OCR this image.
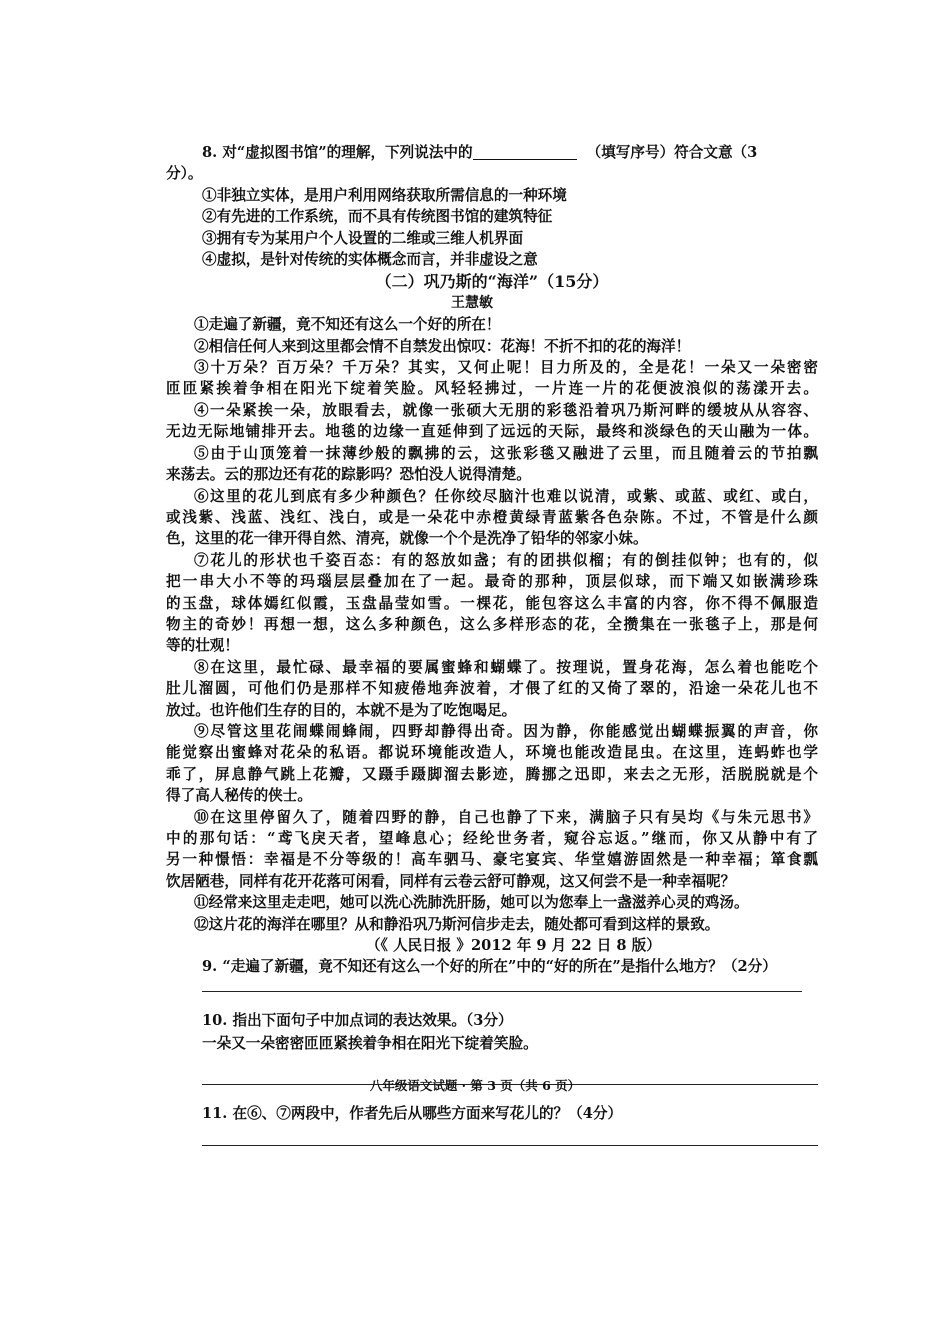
8. 对“虚拟图书馆”的理解，下列说法中的	（填写序号）符合文意（3
分）。
①非独立实体，是用户利用网络获取所需信息的一种环境
②有先进的工作系统，而不具有传统图书馆的建筑特征
③拥有专为某用户个人设置的二维或三维人机界面
④虚拟，是针对传统的实体概念而言，并非虚设之意
（二）巩乃斯的“海洋”（15分）
王慧敏
①走遍了新疆，竟不知还有这么一个好的所在！
②相信任何人来到这里都会情不自禁发出惊叹：花海！不折不扣的花的海洋！
③十万朵？百万朵？千万朵？其实，又何止呢！目力所及的，全是花！一朵又一朵密密
匝匝紧挨着争相在阳光下绽着笑脸。风轻轻拂过，一片连一片的花便波浪似的荡漾开去。
④一朵紧挨一朵，放眼看去，就像一张硕大无朋的彩毯沿着巩乃斯河畔的缓坡从从容容、
无边无际地铺排开去。地毯的边缘一直延伸到了远远的天际，最终和淡绿色的天山融为一体。
⑤由于山顶笼着一抹薄纱般的飘拂的云，这张彩毯又融进了云里，而且随着云的节拍飘
来荡去。云的那边还有花的踪影吗？恐怕没人说得清楚。
⑥这里的花儿到底有多少种颜色？任你绞尽脑汁也难以说清，或紫、或蓝、或红、或白，
或浅紫、浅蓝、浅红、浅白，或是一朵花中赤橙黄绿青蓝紫各色杂陈。不过，不管是什么颜
色，这里的花一律开得自然、清亮，就像一个个是洗净了铅华的邻家小妹。
⑦花儿的形状也千姿百态：有的怒放如盏；有的团拱似榴；有的倒挂似钟；也有的，似
把一串大小不等的玛瑙层层叠加在了一起。最奇的那种，顶层似球，而下端又如嵌满珍珠
的玉盘，球体嫣红似霞，玉盘晶莹如雪。一棵花，能包容这么丰富的内容，你不得不佩服造
物主的奇妙！再想一想，这么多种颜色，这么多样形态的花，全攒集在一张毯子上，那是何
等的壮观！
⑧在这里，最忙碌、最幸福的要属蜜蜂和蝴蝶了。按理说，置身花海，怎么着也能吃个
肚儿溜圆，可他们仍是那样不知疲倦地奔波着，才偎了红的又倚了翠的，沿途一朵花儿也不
放过。也许他们生存的目的，本就不是为了吃饱喝足。
⑨尽管这里花闹蝶闹蜂闹，四野却静得出奇。因为静，你能感觉出蝴蝶振翼的声音，你
能觉察出蜜蜂对花朵的私语。都说环境能改造人，环境也能改造昆虫。在这里，连蚂蚱也学
乖了，屏息静气跳上花瓣，又蹑手蹑脚溜去影迹，腾挪之迅即，来去之无形，活脱脱就是个
得了高人秘传的侠士。
⑩在这里停留久了，随着四野的静，自己也静了下来，满脑子只有吴均《与朱元思书》
中的那句话：“鸢飞戾天者，望峰息心；经纶世务者，窥谷忘返。”继而，你又从静中有了
另一种憬悟：幸福是不分等级的！高车驷马、豪宅宴宾、华堂嬉游固然是一种幸福；箪食瓢
饮居陋巷，同样有花开花落可闲看，同样有云卷云舒可静观，这又何尝不是一种幸福呢？
⑪经常来这里走走吧，她可以洗心洗肺洗肝肠，她可以为您奉上一盏滋养心灵的鸡汤。
⑫这片花的海洋在哪里？从和静沿巩乃斯河信步走去，随处都可看到这样的景致。
（《 人民日报 》2012 年 9 月 22 日 8 版）
9. “走遍了新疆，竟不知还有这么一个好的所在”中的“好的所在”是指什么地方？（2分）
10. 指出下面句子中加点词的表达效果。（3分）
一朵又一朵密密匝匝紧挨着争相在阳光下绽着笑脸。
11. 在⑥、⑦两段中，作者先后从哪些方面来写花儿的？（4分）
八年级语文试题 · 第 3 页（共 6 页）
